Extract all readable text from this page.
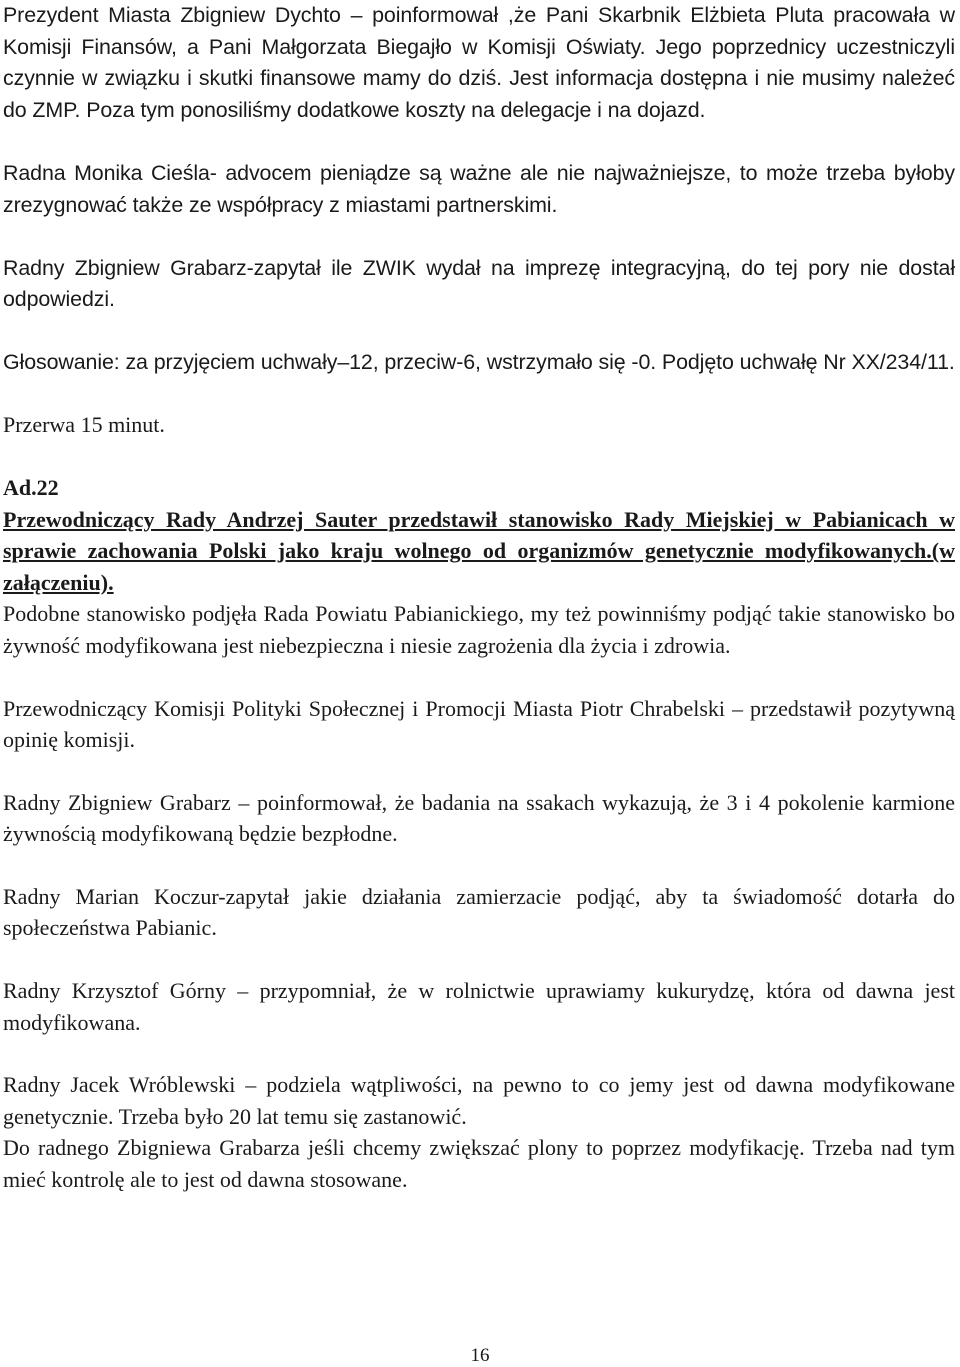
Prezydent Miasta Zbigniew Dychto – poinformował ,że Pani Skarbnik Elżbieta Pluta pracowała w Komisji Finansów, a Pani Małgorzata Biegajło w Komisji Oświaty. Jego poprzednicy uczestniczyli czynnie w związku i skutki finansowe mamy do dziś. Jest informacja dostępna i nie musimy należeć do ZMP. Poza tym ponosiliśmy dodatkowe koszty na delegacje i na dojazd.

Radna Monika Cieśla- advocem pieniądze są ważne ale nie najważniejsze, to może trzeba byłoby zrezygnować także ze współpracy z miastami partnerskimi.

Radny Zbigniew Grabarz-zapytał ile ZWIK wydał na imprezę integracyjną, do tej pory nie dostał odpowiedzi.

Głosowanie: za przyjęciem uchwały–12, przeciw-6, wstrzymało się -0. Podjęto uchwałę Nr XX/234/11.

Przerwa 15 minut.

Ad.22

Przewodniczący Rady Andrzej Sauter przedstawił stanowisko Rady Miejskiej w Pabianicach w sprawie zachowania Polski jako kraju wolnego od organizmów genetycznie modyfikowanych.(w załączeniu).

Podobne stanowisko podjęła Rada Powiatu Pabianickiego, my też powinniśmy podjąć takie stanowisko bo żywność modyfikowana jest niebezpieczna i niesie zagrożenia dla życia i zdrowia.

Przewodniczący Komisji Polityki Społecznej i Promocji Miasta Piotr Chrabelski – przedstawił pozytywną opinię komisji.

Radny Zbigniew Grabarz – poinformował, że badania na ssakach wykazują, że 3 i 4 pokolenie karmione żywnością modyfikowaną będzie bezpłodne.

Radny Marian Koczur-zapytał jakie działania zamierzacie podjąć, aby ta świadomość dotarła do społeczeństwa Pabianic.

Radny Krzysztof Górny – przypomniał, że w rolnictwie uprawiamy kukurydzę, która od dawna jest modyfikowana.

Radny Jacek Wróblewski – podziela wątpliwości, na pewno to co jemy jest od dawna modyfikowane genetycznie. Trzeba było 20 lat temu się zastanowić.

Do radnego Zbigniewa Grabarza jeśli chcemy zwiększać plony to poprzez modyfikację. Trzeba nad tym mieć kontrolę ale to jest od dawna stosowane.

16
